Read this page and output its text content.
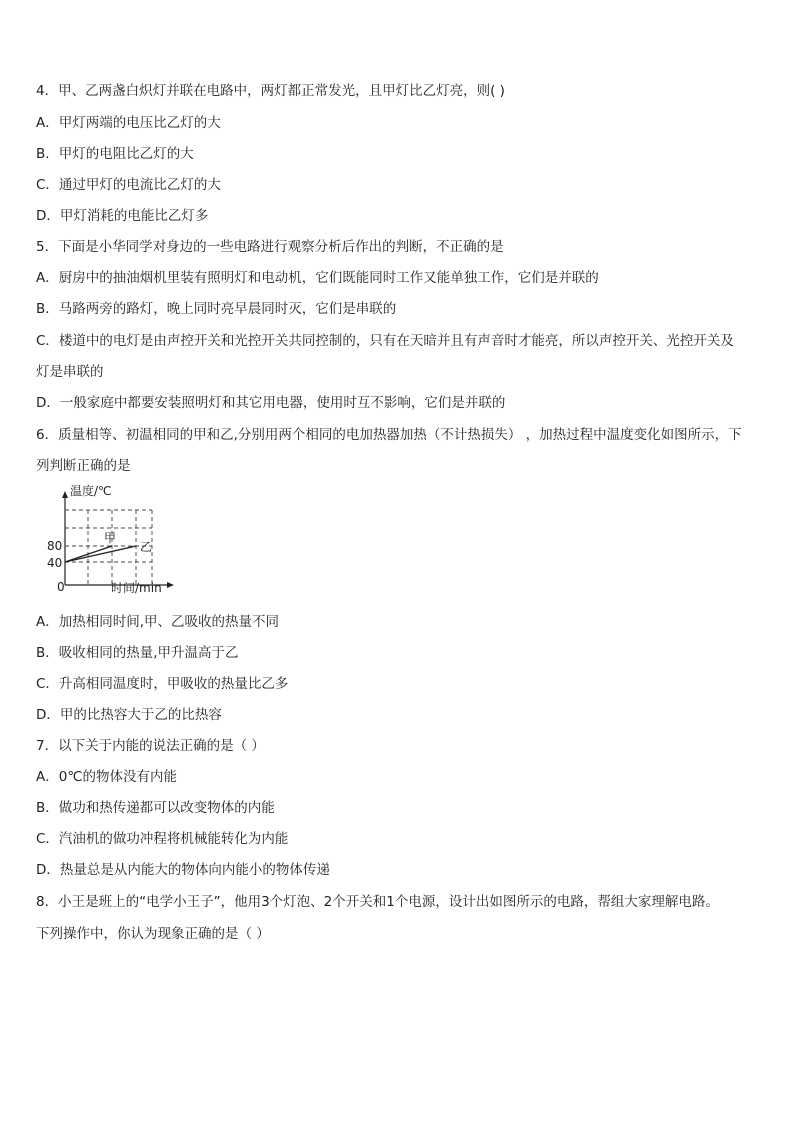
4．甲、乙两盏白炽灯并联在电路中，两灯都正常发光，且甲灯比乙灯亮，则( )
A．甲灯两端的电压比乙灯的大
B．甲灯的电阻比乙灯的大
C．通过甲灯的电流比乙灯的大
D．甲灯消耗的电能比乙灯多
5．下面是小华同学对身边的一些电路进行观察分析后作出的判断，不正确的是
A．厨房中的抽油烟机里装有照明灯和电动机，它们既能同时工作又能单独工作，它们是并联的
B．马路两旁的路灯，晚上同时亮早晨同时灭，它们是串联的
C．楼道中的电灯是由声控开关和光控开关共同控制的，只有在天暗并且有声音时才能亮，所以声控开关、光控开关及
灯是串联的
D．一般家庭中都要安装照明灯和其它用电器，使用时互不影响，它们是并联的
6．质量相等、初温相同的甲和乙,分别用两个相同的电加热器加热（不计热损失） ，加热过程中温度变化如图所示，下
列判断正确的是
温度/℃
时间/min
0
80
40
甲
乙
A．加热相同时间,甲、乙吸收的热量不同
B．吸收相同的热量,甲升温高于乙
C．升高相同温度时，甲吸收的热量比乙多
D．甲的比热容大于乙的比热容
7．以下关于内能的说法正确的是（ ）
A．0℃的物体没有内能
B．做功和热传递都可以改变物体的内能
C．汽油机的做功冲程将机械能转化为内能
D．热量总是从内能大的物体向内能小的物体传递
8．小王是班上的“电学小王子”，他用3个灯泡、2个开关和1个电源，设计出如图所示的电路，帮组大家理解电路。
下列操作中，你认为现象正确的是（ ）
